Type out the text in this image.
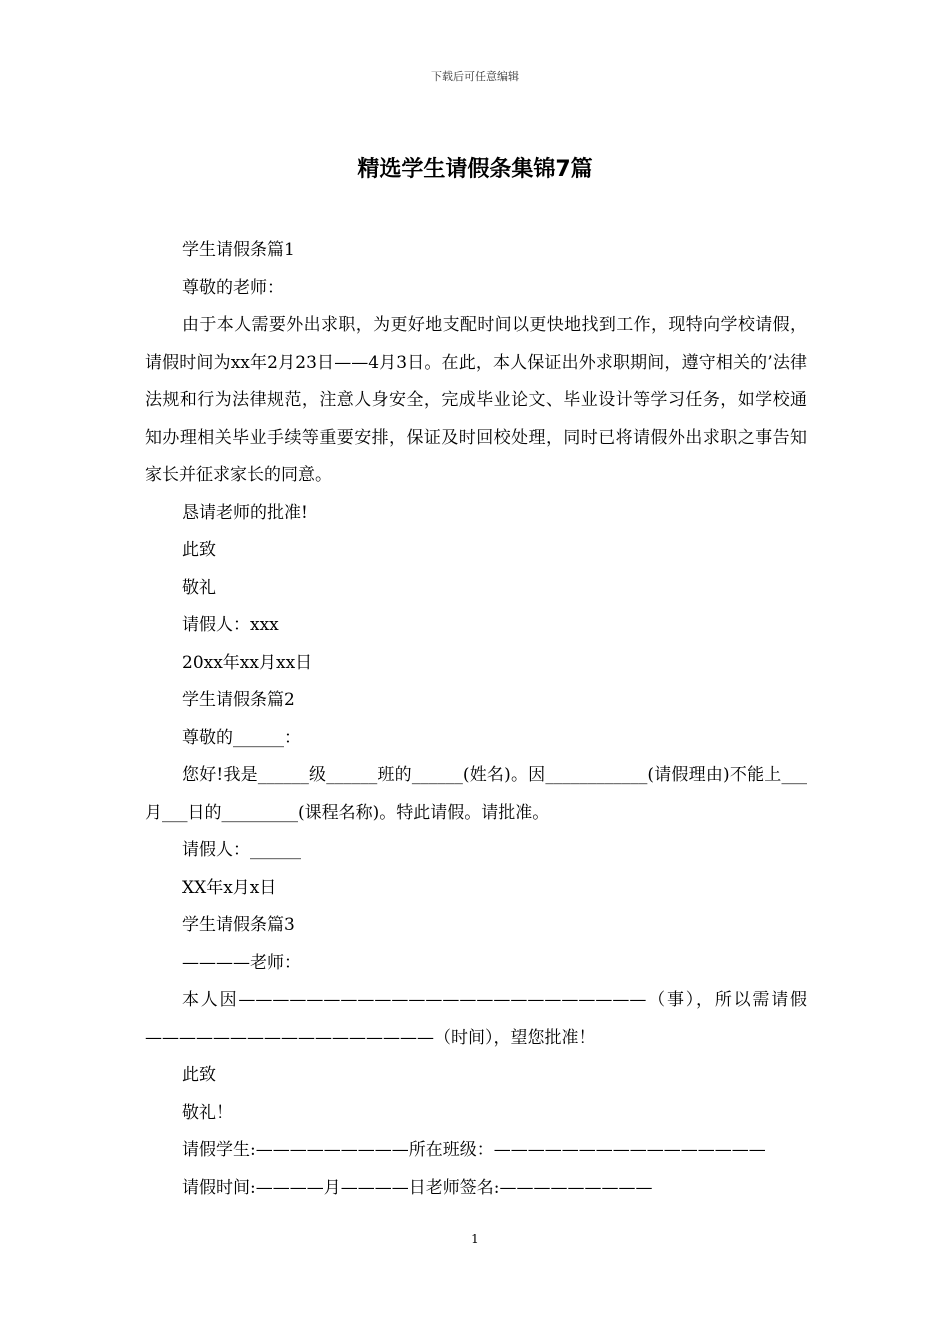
下载后可任意编辑
精选学生请假条集锦7篇

学生请假条篇1

尊敬的老师：

由于本人需要外出求职，为更好地支配时间以更快地找到工作，现特向学校请假，请假时间为xx年2月23日——4月3日。在此，本人保证出外求职期间，遵守相关的’法律法规和行为法律规范，注意人身安全，完成毕业论文、毕业设计等学习任务，如学校通知办理相关毕业手续等重要安排，保证及时回校处理，同时已将请假外出求职之事告知家长并征求家长的同意。

恳请老师的批准!

此致

敬礼

请假人：xxx

20xx年xx月xx日

学生请假条篇2

尊敬的______：

您好!我是______级______班的______(姓名)。因____________(请假理由)不能上___月___日的_________(课程名称)。特此请假。请批准。

请假人：______

XX年x月x日

学生请假条篇3

————老师：

本人因————————————————————————（事），所以需请假—————————————————（时间），望您批准！

此致

敬礼！

请假学生:—————————所在班级：————————————————

请假时间:————月————日老师签名:—————————

1
